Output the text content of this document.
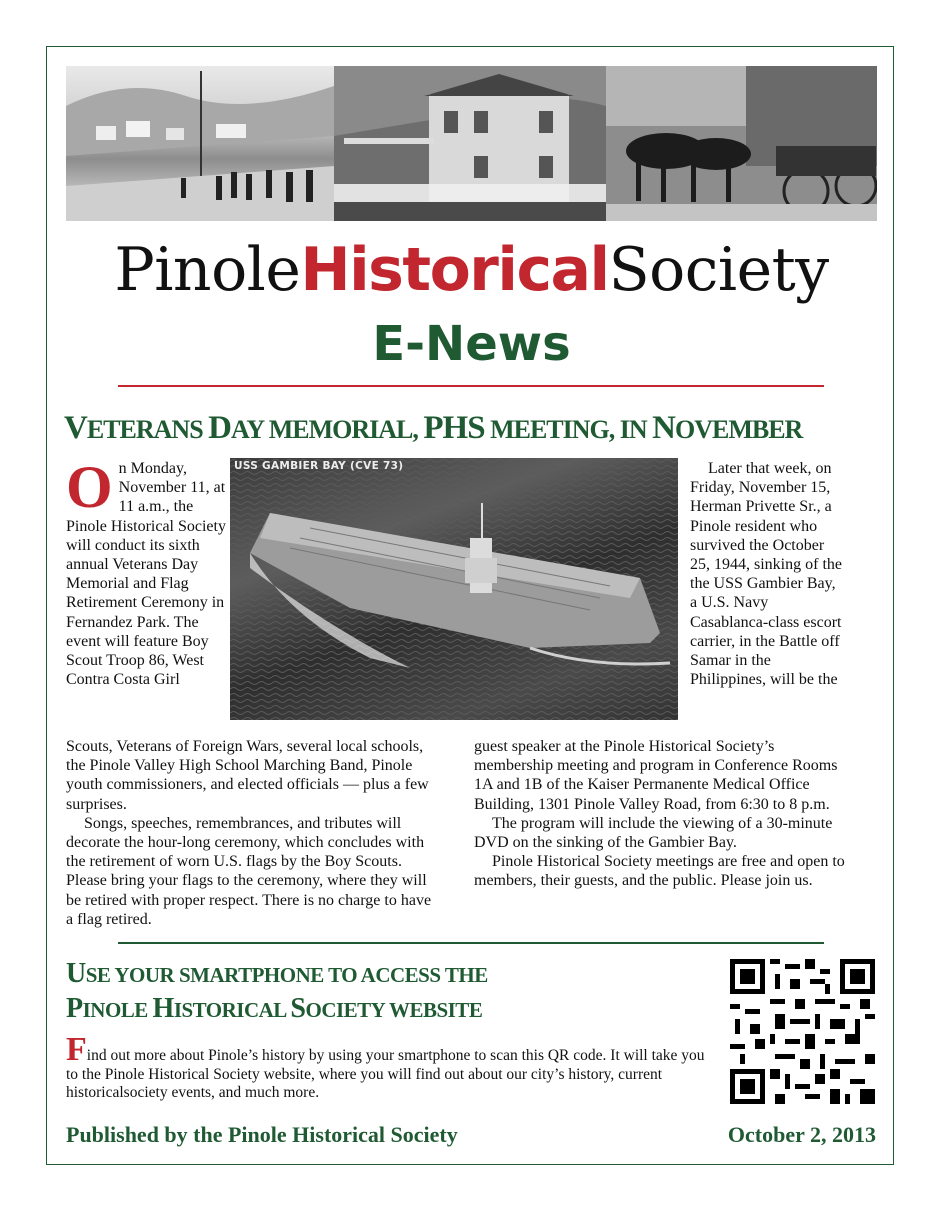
PinoleHistoricalSociety
E-News
VETERANS DAY MEMORIAL, PHS MEETING, IN NOVEMBER
On Monday, November 11, at 11 a.m., the Pinole Historical Society will conduct its sixth annual Veterans Day Memorial and Flag Retirement Ceremony in Fernandez Park. The event will feature Boy Scout Troop 86, West Contra Costa Girl
USS GAMBIER BAY (CVE 73)	Later that week, on Friday, November 15, Herman Privette Sr., a Pinole resident who survived the October 25, 1944, sinking of the the USS Gambier Bay, a U.S. Navy Casablanca-class escort carrier, in the Battle off Samar in the Philippines, will be the

Scouts, Veterans of Foreign Wars, several local schools, the Pinole Valley High School Marching Band, Pinole youth commissioners, and elected officials — plus a few surprises.

Songs, speeches, remembrances, and tributes will decorate the hour-long ceremony, which concludes with the retirement of worn U.S. flags by the Boy Scouts. Please bring your flags to the ceremony, where they will be retired with proper respect. There is no charge to have a flag retired.

guest speaker at the Pinole Historical Society’s membership meeting and program in Conference Rooms 1A and 1B of the Kaiser Permanente Medical Office Building, 1301 Pinole Valley Road, from 6:30 to 8 p.m.

The program will include the viewing of a 30-minute DVD on the sinking of the Gambier Bay.

Pinole Historical Society meetings are free and open to members, their guests, and the public. Please join us.

USE YOUR SMARTPHONE TO ACCESS THE
PINOLE HISTORICAL SOCIETY WEBSITE
Find out more about Pinole’s history by using your smartphone to scan this QR code. It will take you to the Pinole Historical Society website, where you will find out about our city’s history, current historicalsociety events, and much more.
Published by the Pinole Historical Society	October 2, 2013
